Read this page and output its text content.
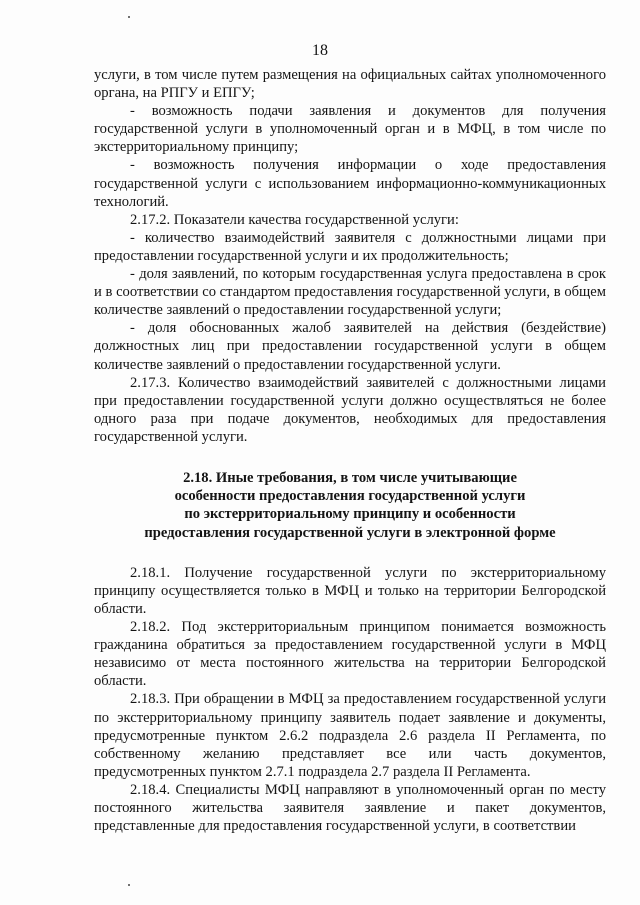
18

услуги, в том числе путем размещения на официальных сайтах уполномоченного органа, на РПГУ и ЕПГУ;

- возможность подачи заявления и документов для получения государственной услуги в уполномоченный орган и в МФЦ, в том числе по экстерриториальному принципу;

- возможность получения информации о ходе предоставления государственной услуги с использованием информационно-коммуникационных технологий.

2.17.2. Показатели качества государственной услуги:

- количество взаимодействий заявителя с должностными лицами при предоставлении государственной услуги и их продолжительность;

- доля заявлений, по которым государственная услуга предоставлена в срок и в соответствии со стандартом предоставления государственной услуги, в общем количестве заявлений о предоставлении государственной услуги;

- доля обоснованных жалоб заявителей на действия (бездействие) должностных лиц при предоставлении государственной услуги в общем количестве заявлений о предоставлении государственной услуги.

2.17.3. Количество взаимодействий заявителей с должностными лицами при предоставлении государственной услуги должно осуществляться не более одного раза при подаче документов, необходимых для предоставления государственной услуги.

2.18. Иные требования, в том числе учитывающие
особенности предоставления государственной услуги
по экстерриториальному принципу и особенности
предоставления государственной услуги в электронной форме

2.18.1. Получение государственной услуги по экстерриториальному принципу осуществляется только в МФЦ и только на территории Белгородской области.

2.18.2. Под экстерриториальным принципом понимается возможность гражданина обратиться за предоставлением государственной услуги в МФЦ независимо от места постоянного жительства на территории Белгородской области.

2.18.3. При обращении в МФЦ за предоставлением государственной услуги по экстерриториальному принципу заявитель подает заявление и документы, предусмотренные пунктом 2.6.2 подраздела 2.6 раздела II Регламента, по собственному желанию представляет все или часть документов, предусмотренных пунктом 2.7.1 подраздела 2.7 раздела II Регламента.

2.18.4. Специалисты МФЦ направляют в уполномоченный орган по месту постоянного жительства заявителя заявление и пакет документов, представленные для предоставления государственной услуги, в соответствии
